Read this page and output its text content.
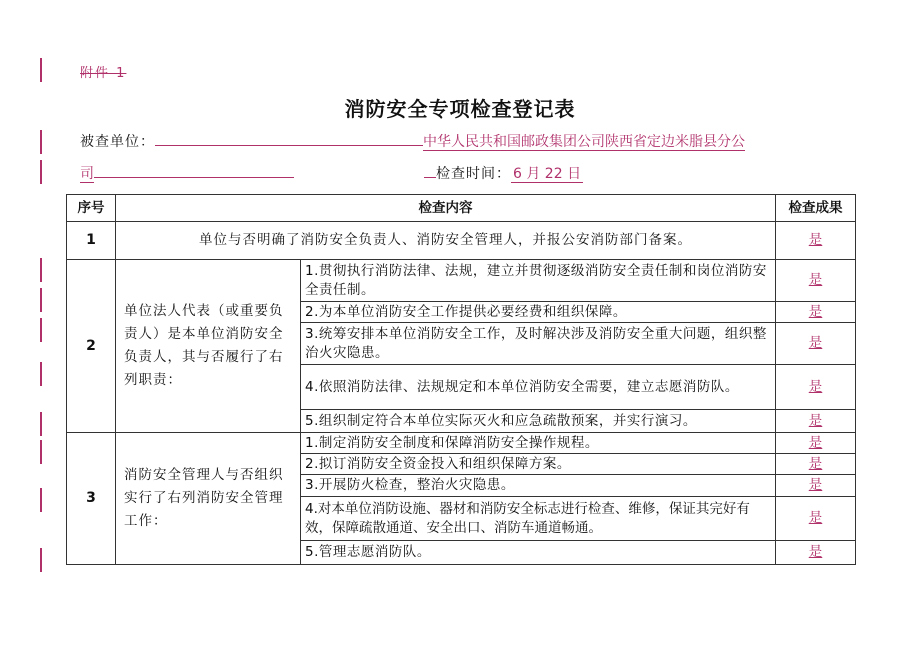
附件 1
消防安全专项检查登记表
被查单位：	中华人民共和国邮政集团公司陕西省定边米脂县分公
司	检查时间： 6 月 22 日
序号	检查内容		检查成果
1	单位与否明确了消防安全负责人、消防安全管理人，并报公安消防部门备案。		是
2	单位法人代表（或重要负责人）是本单位消防安全负责人，其与否履行了右列职责：	1.贯彻执行消防法律、法规，建立并贯彻逐级消防安全责任制和岗位消防安全责任制。	是
		2.为本单位消防安全工作提供必要经费和组织保障。	是
		3.统筹安排本单位消防安全工作，及时解决涉及消防安全重大问题，组织整治火灾隐患。	是
		4.依照消防法律、法规规定和本单位消防安全需要，建立志愿消防队。	是
		5.组织制定符合本单位实际灭火和应急疏散预案，并实行演习。	是
3	消防安全管理人与否组织实行了右列消防安全管理工作：	1.制定消防安全制度和保障消防安全操作规程。	是
		2.拟订消防安全资金投入和组织保障方案。	是
		3.开展防火检查，整治火灾隐患。	是
		4.对本单位消防设施、器材和消防安全标志进行检查、维修，保证其完好有效，保障疏散通道、安全出口、消防车通道畅通。	是
		5.管理志愿消防队。	是
